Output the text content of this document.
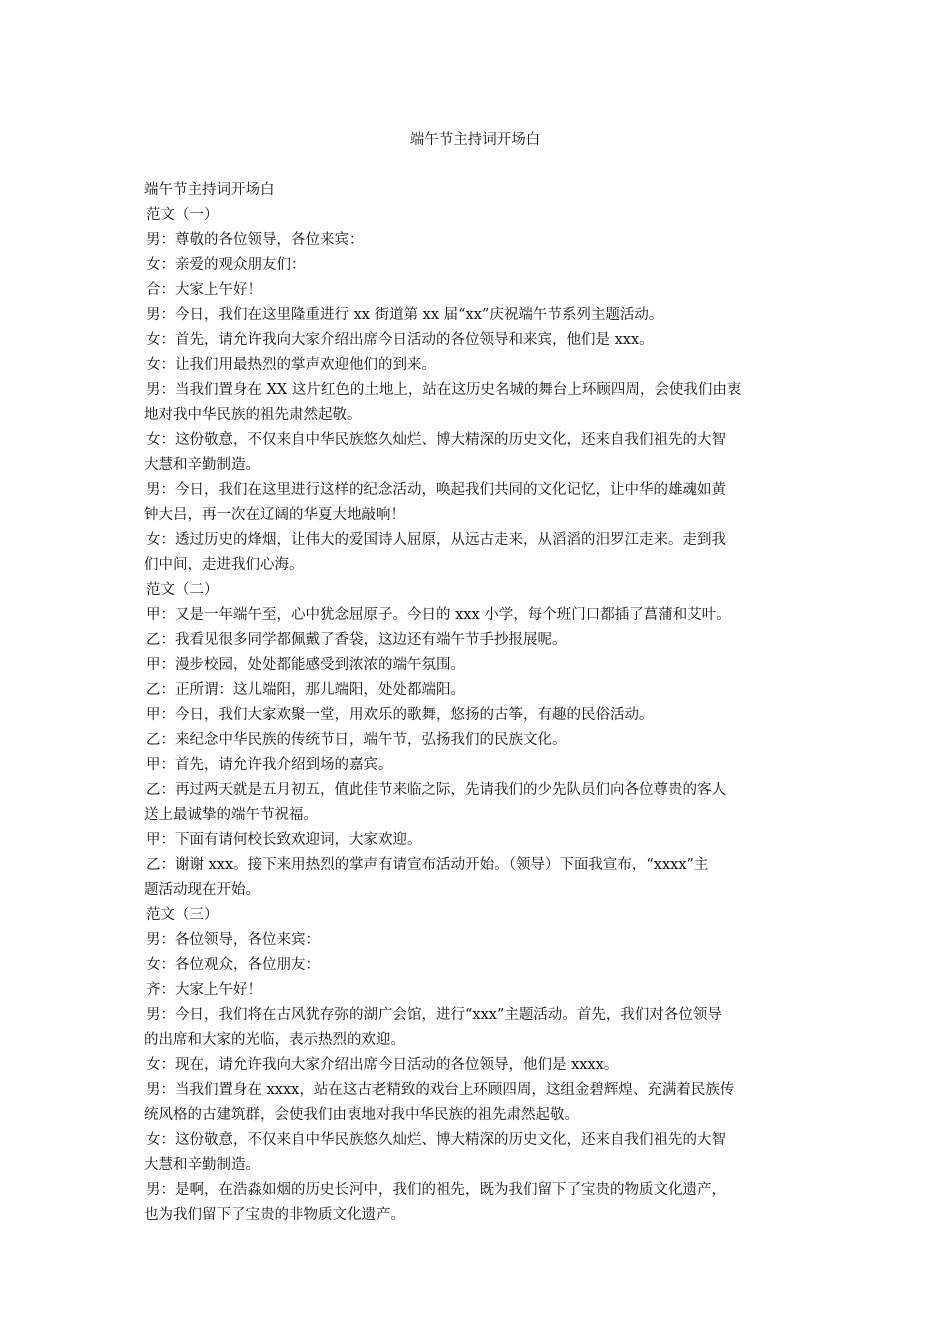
端午节主持词开场白
端午节主持词开场白
范文（一）
男：尊敬的各位领导，各位来宾：
女：亲爱的观众朋友们：
合：大家上午好！
男：今日，我们在这里隆重进行 xx 街道第 xx 届“xx”庆祝端午节系列主题活动。
女：首先，请允许我向大家介绍出席今日活动的各位领导和来宾，他们是 xxx。
女：让我们用最热烈的掌声欢迎他们的到来。
男：当我们置身在 XX 这片红色的土地上，站在这历史名城的舞台上环顾四周，会使我们由衷
地对我中华民族的祖先肃然起敬。
女：这份敬意，不仅来自中华民族悠久灿烂、博大精深的历史文化，还来自我们祖先的大智
大慧和辛勤制造。
男：今日，我们在这里进行这样的纪念活动，唤起我们共同的文化记忆，让中华的雄魂如黄
钟大吕，再一次在辽阔的华夏大地敲响！
女：透过历史的烽烟，让伟大的爱国诗人屈原，从远古走来，从滔滔的汨罗江走来。走到我
们中间，走进我们心海。
范文（二）
甲：又是一年端午至，心中犹念屈原子。今日的 xxx 小学，每个班门口都插了菖蒲和艾叶。
乙：我看见很多同学都佩戴了香袋，这边还有端午节手抄报展呢。
甲：漫步校园，处处都能感受到浓浓的端午氛围。
乙：正所谓：这儿端阳，那儿端阳，处处都端阳。
甲：今日，我们大家欢聚一堂，用欢乐的歌舞，悠扬的古筝，有趣的民俗活动。
乙：来纪念中华民族的传统节日，端午节，弘扬我们的民族文化。
甲：首先，请允许我介绍到场的嘉宾。
乙：再过两天就是五月初五，值此佳节来临之际，先请我们的少先队员们向各位尊贵的客人
送上最诚挚的端午节祝福。
甲：下面有请何校长致欢迎词，大家欢迎。
乙：谢谢 xxx。接下来用热烈的掌声有请宣布活动开始。（领导）下面我宣布，“xxxx”主
题活动现在开始。
范文（三）
男：各位领导，各位来宾：
女：各位观众，各位朋友：
齐：大家上午好！
男：今日，我们将在古风犹存弥的湖广会馆，进行“xxx”主题活动。首先，我们对各位领导
的出席和大家的光临，表示热烈的欢迎。
女：现在，请允许我向大家介绍出席今日活动的各位领导，他们是 xxxx。
男：当我们置身在 xxxx，站在这古老精致的戏台上环顾四周，这组金碧辉煌、充满着民族传
统风格的古建筑群，会使我们由衷地对我中华民族的祖先肃然起敬。
女：这份敬意，不仅来自中华民族悠久灿烂、博大精深的历史文化，还来自我们祖先的大智
大慧和辛勤制造。
男：是啊，在浩淼如烟的历史长河中，我们的祖先，既为我们留下了宝贵的物质文化遗产，
也为我们留下了宝贵的非物质文化遗产。
